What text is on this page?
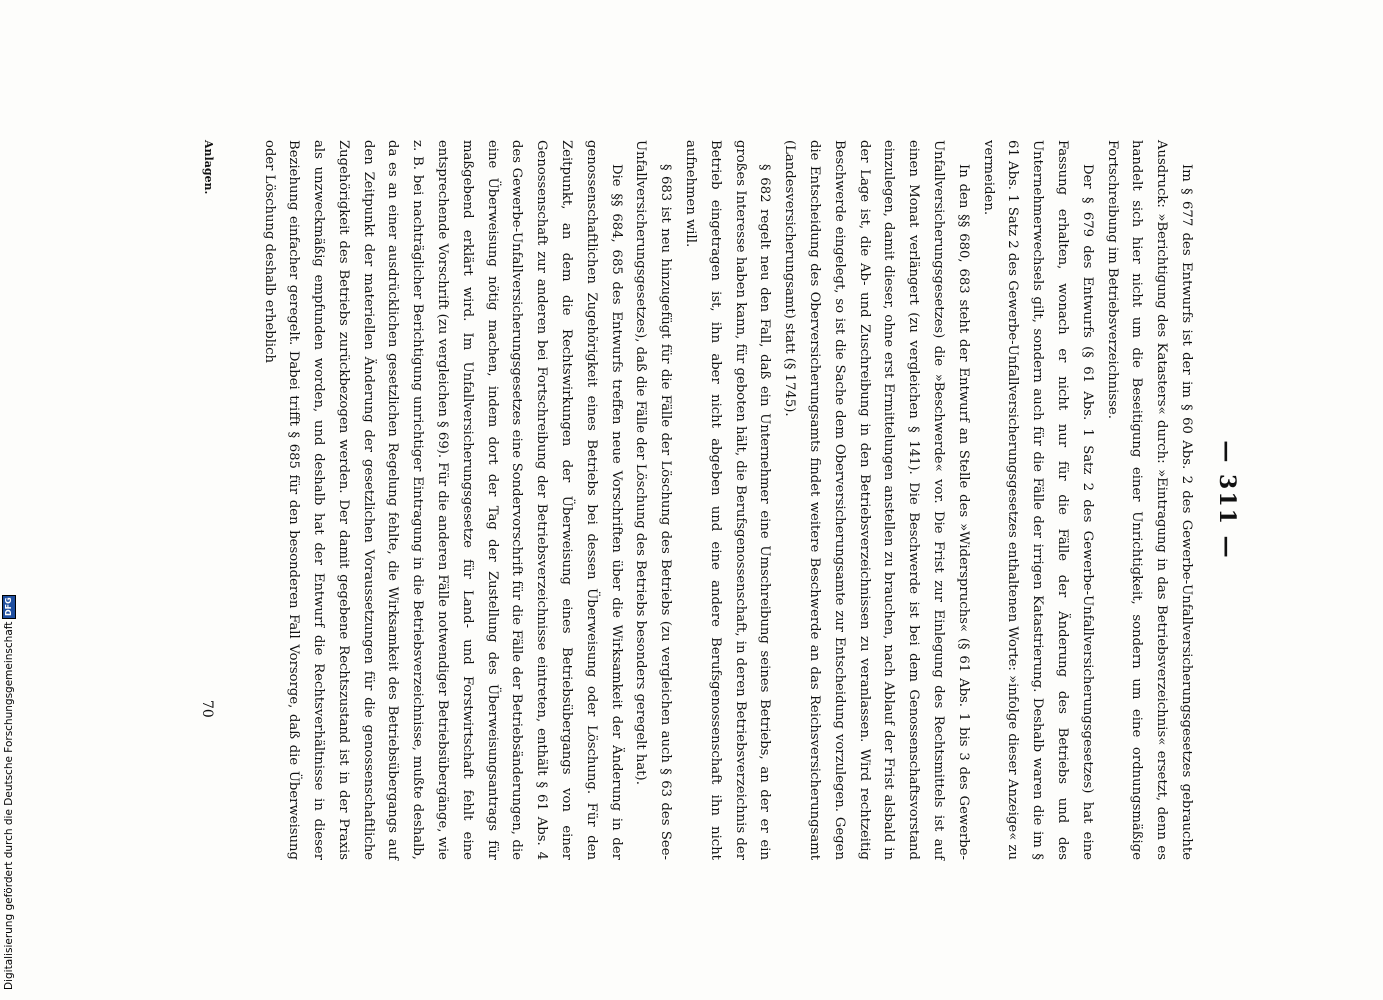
— 311 —

Im § 677 des Entwurfs ist der im § 60 Abs. 2 des Gewerbe-Unfallversicherungsgesetzes gebrauchte Ausdruck: »Berichtigung des Katasters« durch: »Eintragung in das Betriebsverzeichnis« ersetzt, denn es handelt sich hier nicht um die Beseitigung einer Unrichtigkeit, sondern um eine ordnungsmäßige Fortschreibung im Betriebsverzeichnisse.

Der § 679 des Entwurfs (§ 61 Abs. 1 Satz 2 des Gewerbe-Unfallversicherungsgesetzes) hat eine Fassung erhalten, wonach er nicht nur für die Fälle der Änderung des Betriebs und des Unternehmerwechsels gilt, sondern auch für die Fälle der irrigen Katastrierung. Deshalb waren die im § 61 Abs. 1 Satz 2 des Gewerbe-Unfallversicherungsgesetzes enthaltenen Worte: »infolge dieser Anzeige« zu vermeiden.

In den §§ 680, 683 steht der Entwurf an Stelle des »Widerspruchs« (§ 61 Abs. 1 bis 3 des Gewerbe-Unfallversicherungsgesetzes) die »Beschwerde« vor. Die Frist zur Einlegung des Rechtsmittels ist auf einen Monat verlängert (zu vergleichen § 141). Die Beschwerde ist bei dem Genossenschaftsvorstand einzulegen, damit dieser, ohne erst Ermittelungen anstellen zu brauchen, nach Ablauf der Frist alsbald in der Lage ist, die Ab- und Zuschreibung in den Betriebsverzeichnissen zu veranlassen. Wird rechtzeitig Beschwerde eingelegt, so ist die Sache dem Oberversicherungsamte zur Entscheidung vorzulegen. Gegen die Entscheidung des Oberversicherungsamts findet weitere Beschwerde an das Reichsversicherungsamt (Landesversicherungsamt) statt (§ 1745).

§ 682 regelt neu den Fall, daß ein Unternehmer eine Umschreibung seines Betriebs, an der er ein großes Interesse haben kann, für geboten hält, die Berufsgenossenschaft, in deren Betriebsverzeichnis der Betrieb eingetragen ist, ihn aber nicht abgeben und eine andere Berufsgenossenschaft ihn nicht aufnehmen will.

§ 683 ist neu hinzugefügt für die Fälle der Löschung des Betriebs (zu vergleichen auch § 63 des See-Unfallversicherungsgesetzes), daß die Fälle der Löschung des Betriebs besonders geregelt hat).

Die §§ 684, 685 des Entwurfs treffen neue Vorschriften über die Wirksamkeit der Änderung in der genossenschaftlichen Zugehörigkeit eines Betriebs bei dessen Überweisung oder Löschung. Für den Zeitpunkt, an dem die Rechtswirkungen der Überweisung eines Betriebsübergangs von einer Genossenschaft zur anderen bei Fortschreibung der Betriebsverzeichnisse eintreten, enthält § 61 Abs. 4 des Gewerbe-Unfallversicherungsgesetzes eine Sondervorschrift für die Fälle der Betriebsänderungen, die eine Überweisung nötig machen, indem dort der Tag der Zustellung des Überweisungsantrags für maßgebend erklärt wird. Im Unfallversicherungsgesetze für Land- und Forstwirtschaft fehlt eine entsprechende Vorschrift (zu vergleichen § 69). Für die anderen Fälle notwendiger Betriebsübergänge, wie z. B. bei nachträglicher Berichtigung unrichtiger Eintragung in die Betriebsverzeichnisse, mußte deshalb, da es an einer ausdrücklichen gesetzlichen Regelung fehlte, die Wirksamkeit des Betriebsübergangs auf den Zeitpunkt der materiellen Änderung der gesetzlichen Voraussetzungen für die genossenschaftliche Zugehörigkeit des Betriebs zurückbezogen werden. Der damit gegebene Rechtszustand ist in der Praxis als unzweckmäßig empfunden worden, und deshalb hat der Entwurf die Rechtsverhältnisse in dieser Beziehung einfacher geregelt. Dabei trifft § 685 für den besonderen Fall Vorsorge, daß die Überweisung oder Löschung deshalb erheblich

Anlagen.
70
Digitalisierung gefördert durch die Deutsche Forschungsgemeinschaft
DFG
